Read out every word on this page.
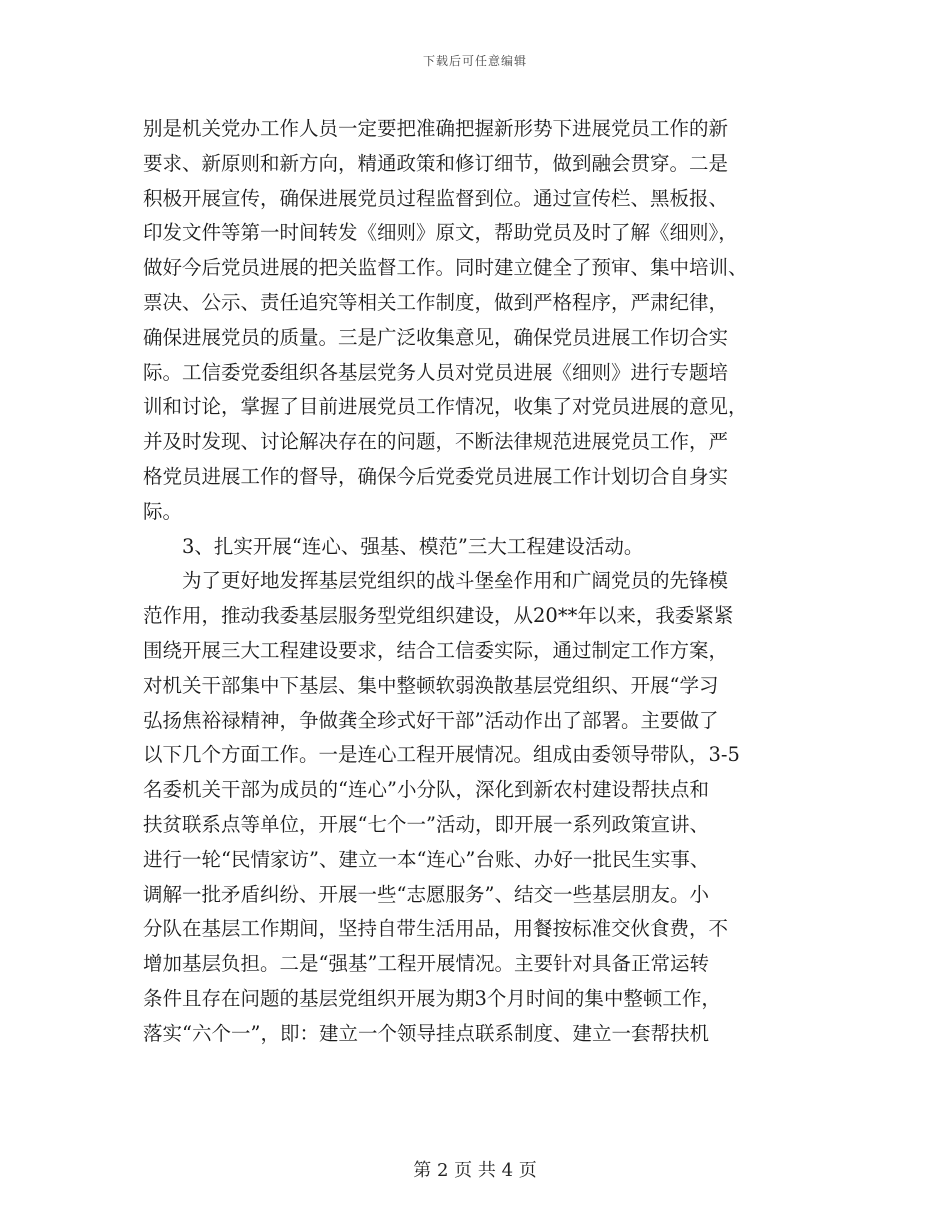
下载后可任意编辑

别是机关党办工作人员一定要把准确把握新形势下进展党员工作的新

要求、新原则和新方向，精通政策和修订细节，做到融会贯穿。二是

积极开展宣传，确保进展党员过程监督到位。通过宣传栏、黑板报、

印发文件等第一时间转发《细则》原文，帮助党员及时了解《细则》，

做好今后党员进展的把关监督工作。同时建立健全了预审、集中培训、

票决、公示、责任追究等相关工作制度，做到严格程序，严肃纪律，

确保进展党员的质量。三是广泛收集意见，确保党员进展工作切合实

际。工信委党委组织各基层党务人员对党员进展《细则》进行专题培

训和讨论，掌握了目前进展党员工作情况，收集了对党员进展的意见，

并及时发现、讨论解决存在的问题，不断法律规范进展党员工作，严

格党员进展工作的督导，确保今后党委党员进展工作计划切合自身实

际。

3、扎实开展“连心、强基、模范”三大工程建设活动。

为了更好地发挥基层党组织的战斗堡垒作用和广阔党员的先锋模

范作用，推动我委基层服务型党组织建设，从20**年以来，我委紧紧

围绕开展三大工程建设要求，结合工信委实际，通过制定工作方案，

对机关干部集中下基层、集中整顿软弱涣散基层党组织、开展“学习

弘扬焦裕禄精神，争做龚全珍式好干部”活动作出了部署。主要做了

以下几个方面工作。一是连心工程开展情况。组成由委领导带队，3-5

名委机关干部为成员的“连心”小分队，深化到新农村建设帮扶点和

扶贫联系点等单位，开展“七个一”活动，即开展一系列政策宣讲、

进行一轮“民情家访”、建立一本“连心”台账、办好一批民生实事、

调解一批矛盾纠纷、开展一些“志愿服务”、结交一些基层朋友。小

分队在基层工作期间，坚持自带生活用品，用餐按标准交伙食费，不

增加基层负担。二是“强基”工程开展情况。主要针对具备正常运转

条件且存在问题的基层党组织开展为期3个月时间的集中整顿工作，

落实“六个一”，即：建立一个领导挂点联系制度、建立一套帮扶机

第 2 页 共 4 页
